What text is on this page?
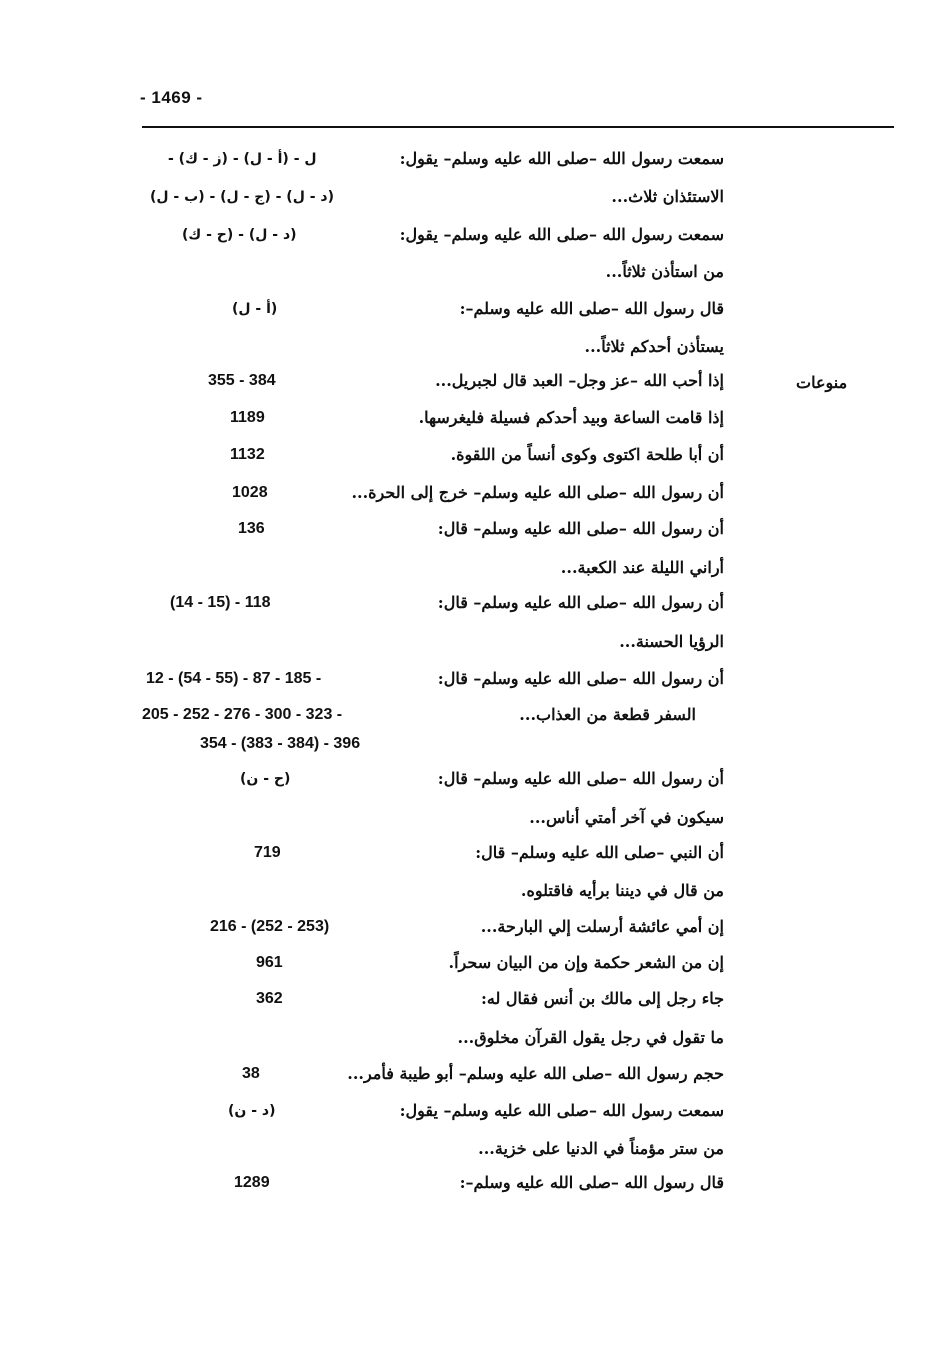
- 1469 -
منوعات
سمعت رسول الله –صلى الله عليه وسلم– يقول:
- (ز - ك) - ل - (أ - ل)
الاستئذان ثلاث...
(ب - ل) - (ج - ل) - (د - ل)
سمعت رسول الله –صلى الله عليه وسلم– يقول:
(ح - ك) - (د - ل)
من استأذن ثلاثاً...
قال رسول الله –صلى الله عليه وسلم–:
(أ - ل)
يستأذن أحدكم ثلاثاً...
إذا أحب الله –عز وجل– العبد قال لجبريل...
355 - 384
إذا قامت الساعة وبيد أحدكم فسيلة فليغرسها.
1189
أن أبا طلحة اكتوى وكوى أنساً من اللقوة.
1132
أن رسول الله –صلى الله عليه وسلم– خرج إلى الحرة...
1028
أن رسول الله –صلى الله عليه وسلم– قال:
136
أراني الليلة عند الكعبة...
أن رسول الله –صلى الله عليه وسلم– قال:
(14 - 15) - 118
الرؤيا الحسنة...
أن رسول الله –صلى الله عليه وسلم– قال:
12 - (54 - 55) - 87 - 185 -
السفر قطعة من العذاب...
205 - 252 - 276 - 300 - 323 -
354 - (383 - 384) - 396
أن رسول الله –صلى الله عليه وسلم– قال:
(ح - ن)
سيكون في آخر أمتي أناس...
أن النبي –صلى الله عليه وسلم– قال:
719
من قال في ديننا برأيه فاقتلوه.
إن أمي عائشة أرسلت إلي البارحة...
216 - (252 - 253)
إن من الشعر حكمة وإن من البيان سحراً.
961
جاء رجل إلى مالك بن أنس فقال له:
362
ما تقول في رجل يقول القرآن مخلوق...
حجم رسول الله –صلى الله عليه وسلم– أبو طيبة فأمر...
38
سمعت رسول الله –صلى الله عليه وسلم– يقول:
(د - ن)
من ستر مؤمناً في الدنيا على خزية...
قال رسول الله –صلى الله عليه وسلم–:
1289
